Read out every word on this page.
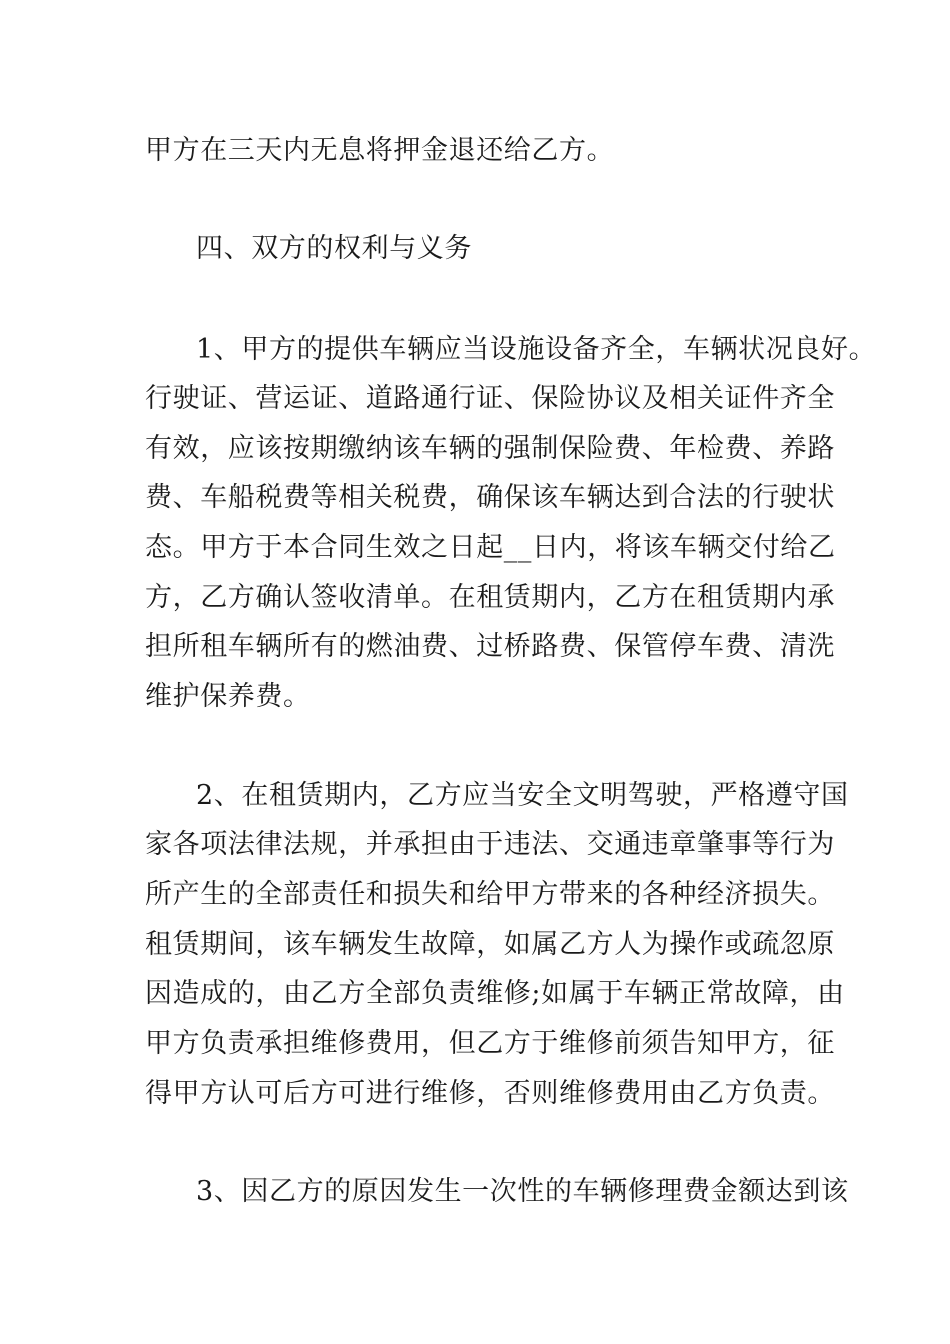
甲方在三天内无息将押金退还给乙方。
四、双方的权利与义务
1、甲方的提供车辆应当设施设备齐全，车辆状况良好。
行驶证、营运证、道路通行证、保险协议及相关证件齐全
有效，应该按期缴纳该车辆的强制保险费、年检费、养路
费、车船税费等相关税费，确保该车辆达到合法的行驶状
态。甲方于本合同生效之日起__日内，将该车辆交付给乙
方，乙方确认签收清单。在租赁期内，乙方在租赁期内承
担所租车辆所有的燃油费、过桥路费、保管停车费、清洗
维护保养费。
2、在租赁期内，乙方应当安全文明驾驶，严格遵守国
家各项法律法规，并承担由于违法、交通违章肇事等行为
所产生的全部责任和损失和给甲方带来的各种经济损失。
租赁期间，该车辆发生故障，如属乙方人为操作或疏忽原
因造成的，由乙方全部负责维修;如属于车辆正常故障，由
甲方负责承担维修费用，但乙方于维修前须告知甲方，征
得甲方认可后方可进行维修，否则维修费用由乙方负责。
3、因乙方的原因发生一次性的车辆修理费金额达到该
